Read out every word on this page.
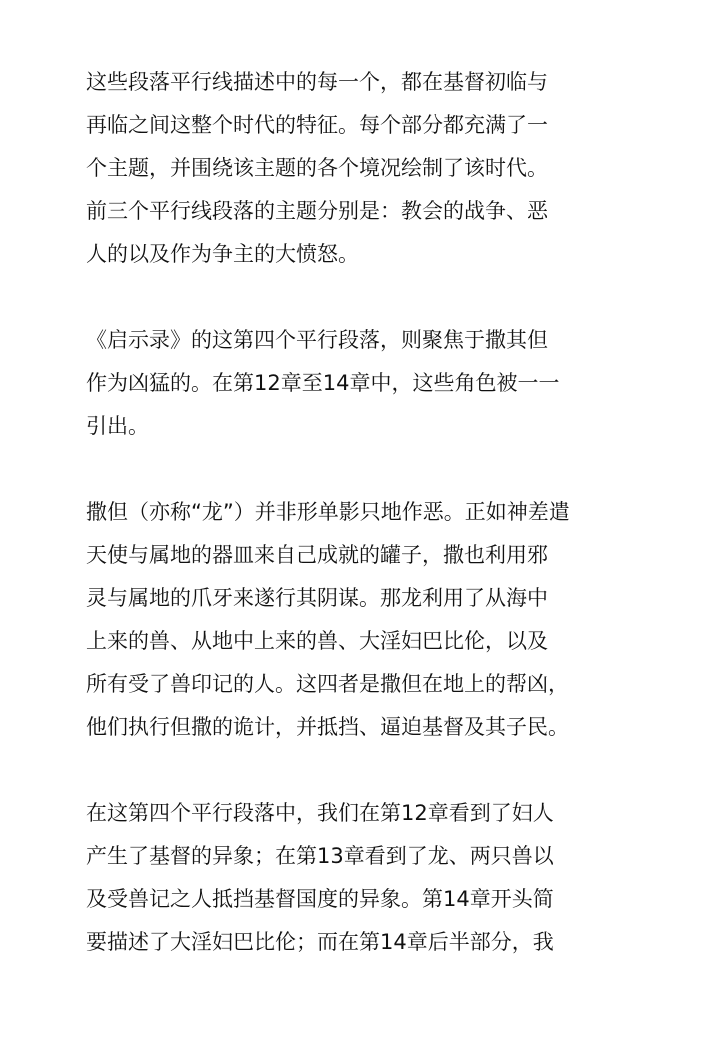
这些段落平行线描述中的每一个，都在基督初临与
再临之间这整个时代的特征。每个部分都充满了一
个主题，并围绕该主题的各个境况绘制了该时代。
前三个平行线段落的主题分别是：教会的战争、恶
人的以及作为争主的大愤怒。
《启示录》的这第四个平行段落，则聚焦于撒其但
作为凶猛的。在第12章至14章中，这些角色被一一
引出。
撒但（亦称“龙”）并非形单影只地作恶。正如神差遣
天使与属地的器皿来自己成就的罐子，撒也利用邪
灵与属地的爪牙来遂行其阴谋。那龙利用了从海中
上来的兽、从地中上来的兽、大淫妇巴比伦，以及
所有受了兽印记的人。这四者是撒但在地上的帮凶，
他们执行但撒的诡计，并抵挡、逼迫基督及其子民。
在这第四个平行段落中，我们在第12章看到了妇人
产生了基督的异象；在第13章看到了龙、两只兽以
及受兽记之人抵挡基督国度的异象。第14章开头简
要描述了大淫妇巴比伦；而在第14章后半部分，我
